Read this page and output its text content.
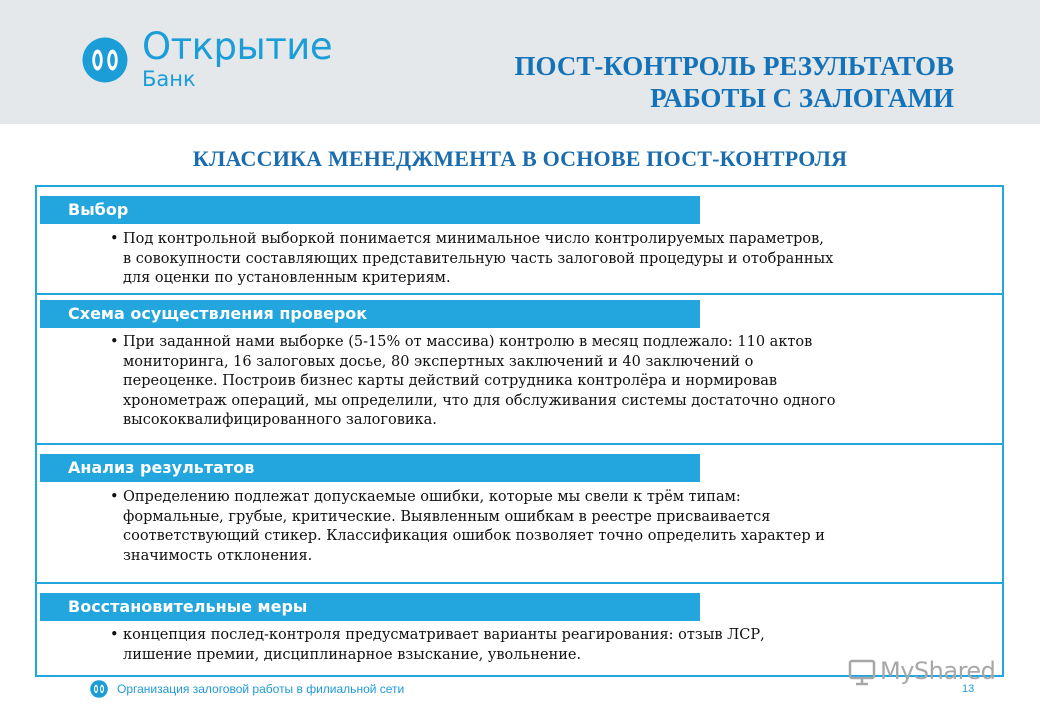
Открытие
Банк	ПОСТ-КОНТРОЛЬ РЕЗУЛЬТАТОВ
РАБОТЫ С ЗАЛОГАМИ
КЛАССИКА МЕНЕДЖМЕНТА В ОСНОВЕ ПОСТ-КОНТРОЛЯ
Выбор
• Под контрольной выборкой понимается минимальное число контролируемых параметров,
в совокупности составляющих представительную часть залоговой процедуры и отобранных
для оценки по установленным критериям.
Схема осуществления проверок
• При заданной нами выборке (5-15% от массива) контролю в месяц подлежало: 110 актов
мониторинга, 16 залоговых досье, 80 экспертных заключений и 40 заключений о
переоценке. Построив бизнес карты действий сотрудника контролёра и нормировав
хронометраж операций, мы определили, что для обслуживания системы достаточно одного
высококвалифицированного залоговика.
Анализ результатов
• Определению подлежат допускаемые ошибки, которые мы свели к трём типам:
формальные, грубые, критические. Выявленным ошибкам в реестре присваивается
соответствующий стикер. Классификация ошибок позволяет точно определить характер и
значимость отклонения.
Восстановительные меры
• концепция послед-контроля предусматривает варианты реагирования: отзыв ЛСР,
лишение премии, дисциплинарное взыскание, увольнение.
MyShared
Организация залоговой работы в филиальной сети	13
